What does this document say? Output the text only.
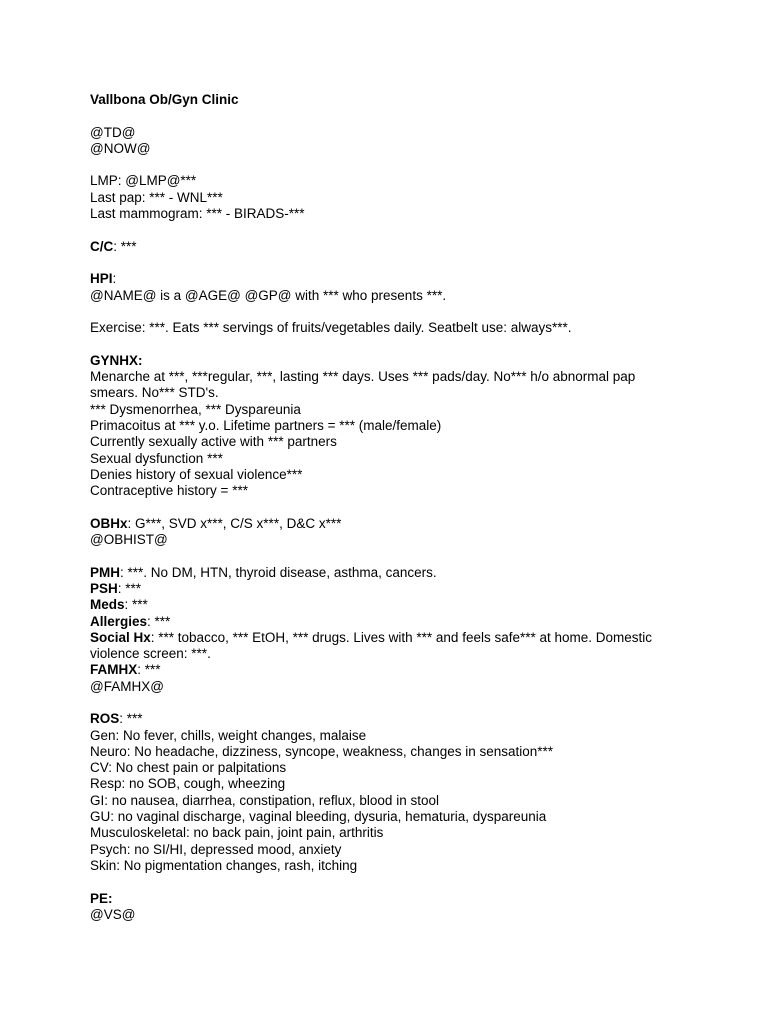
Vallbona Ob/Gyn Clinic
@TD@
@NOW@
LMP: @LMP@***
Last pap: *** - WNL***
Last mammogram: *** - BIRADS-***
C/C: ***
HPI:
@NAME@ is a @AGE@ @GP@ with *** who presents ***.
Exercise: ***. Eats *** servings of fruits/vegetables daily. Seatbelt use: always***.
GYNHX:
Menarche at ***, ***regular, ***, lasting *** days. Uses *** pads/day. No*** h/o abnormal pap smears. No*** STD's.
*** Dysmenorrhea, *** Dyspareunia
Primacoitus at *** y.o. Lifetime partners = *** (male/female)
Currently sexually active with *** partners
Sexual dysfunction ***
Denies history of sexual violence***
Contraceptive history = ***
OBHx: G***, SVD x***, C/S x***, D&C x***
@OBHIST@
PMH: ***. No DM, HTN, thyroid disease, asthma, cancers.
PSH: ***
Meds: ***
Allergies: ***
Social Hx: *** tobacco, *** EtOH, *** drugs. Lives with *** and feels safe*** at home. Domestic violence screen: ***.
FAMHX: ***
@FAMHX@
ROS: ***
Gen: No fever, chills, weight changes, malaise
Neuro: No headache, dizziness, syncope, weakness, changes in sensation***
CV: No chest pain or palpitations
Resp: no SOB, cough, wheezing
GI: no nausea, diarrhea, constipation, reflux, blood in stool
GU: no vaginal discharge, vaginal bleeding, dysuria, hematuria, dyspareunia
Musculoskeletal: no back pain, joint pain, arthritis
Psych: no SI/HI, depressed mood, anxiety
Skin: No pigmentation changes, rash, itching
PE:
@VS@
